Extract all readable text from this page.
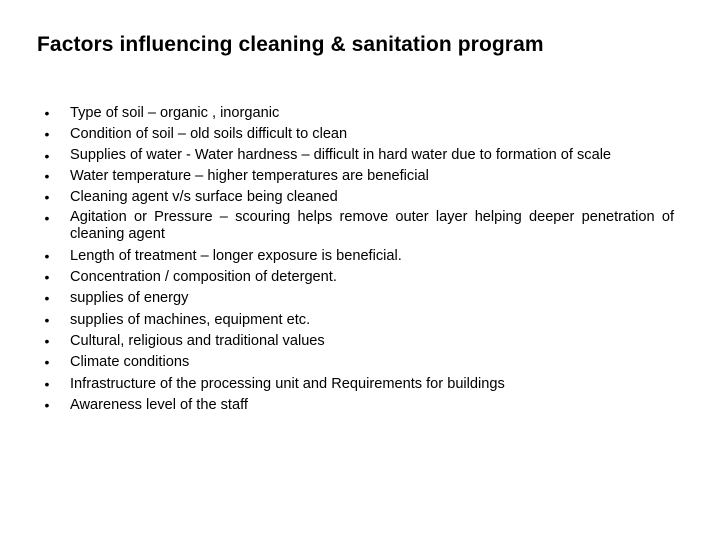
Factors influencing cleaning & sanitation program
•	Type of soil – organic , inorganic
•	Condition of soil – old soils difficult to clean
•	Supplies of water - Water hardness – difficult in hard water due to formation of scale
•	Water temperature – higher temperatures are beneficial
•	Cleaning agent v/s surface being cleaned
•	Agitation or Pressure – scouring helps remove outer layer helping deeper penetration of cleaning agent
•	Length of treatment – longer exposure is beneficial.
•	Concentration / composition of detergent.
•	supplies of energy
•	supplies of machines, equipment etc.
•	Cultural, religious and traditional values
•	Climate conditions
•	Infrastructure of the processing unit and Requirements for buildings
•	Awareness level of the staff
